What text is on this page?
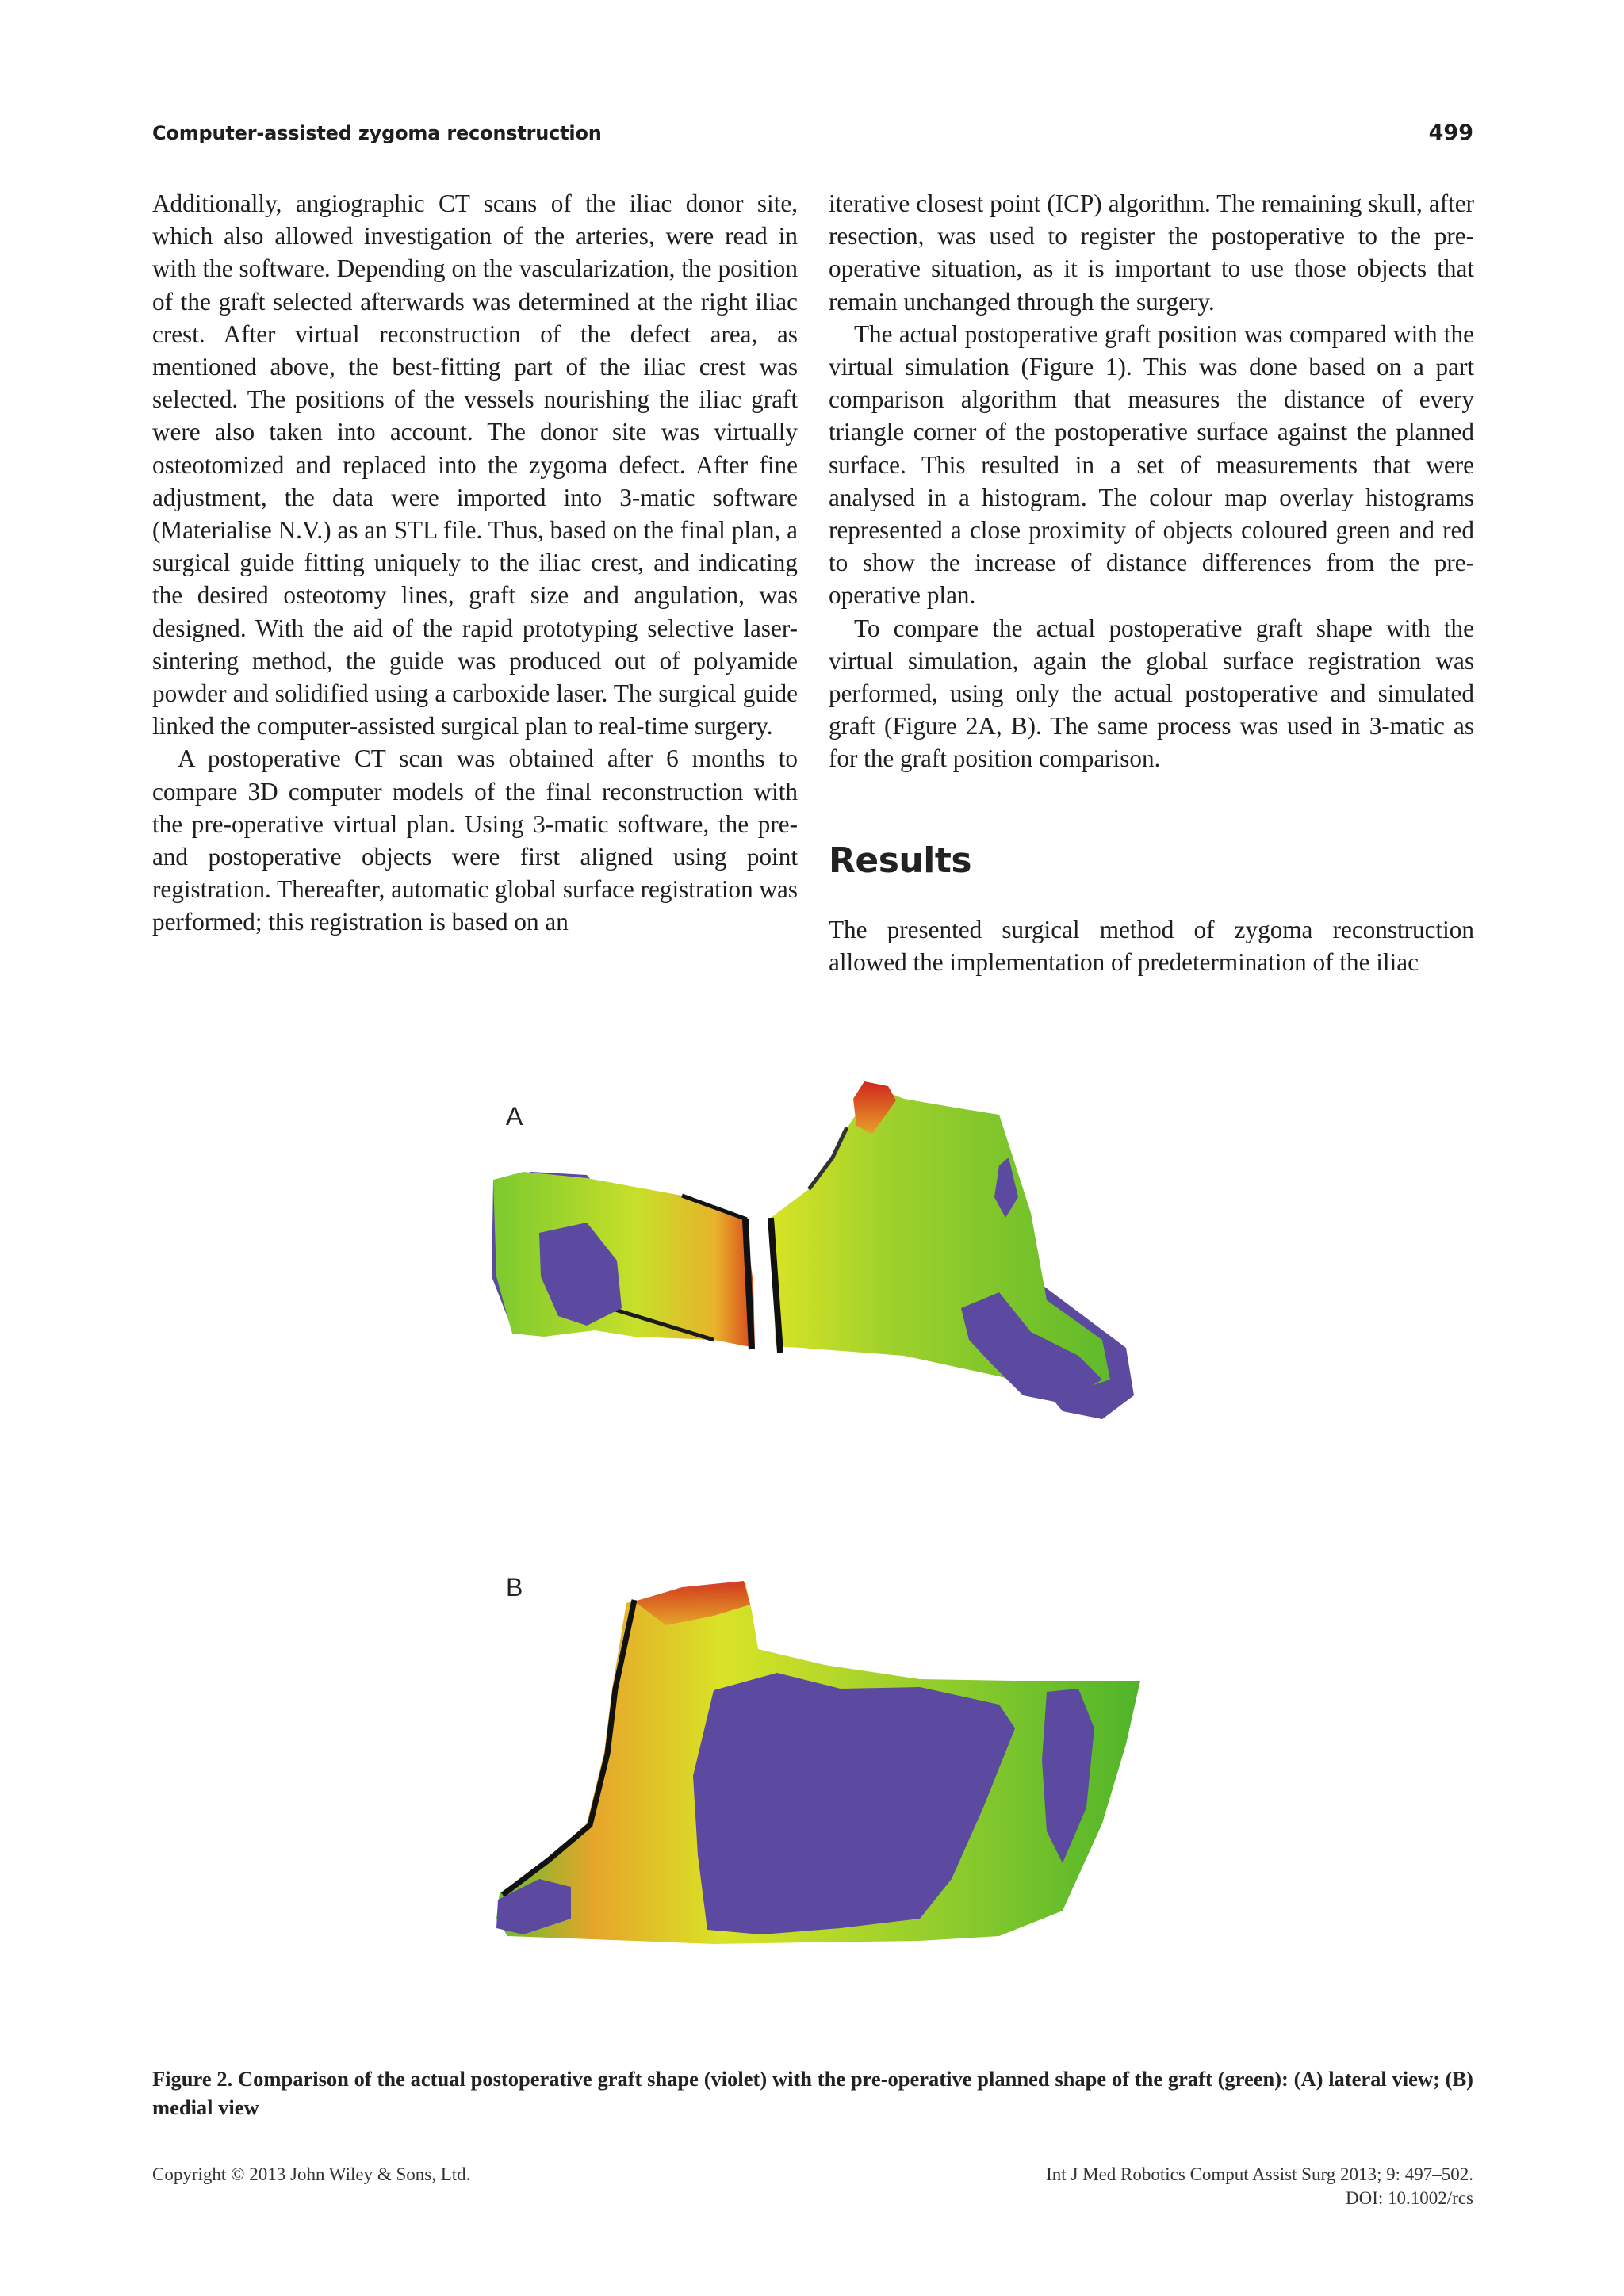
Computer-assisted zygoma reconstruction	499

Additionally, angiographic CT scans of the iliac donor site, which also allowed investigation of the arteries, were read in with the software. Depending on the vascularization, the position of the graft selected afterwards was determined at the right iliac crest. After virtual reconstruction of the defect area, as mentioned above, the best-fitting part of the iliac crest was selected. The positions of the vessels nourishing the iliac graft were also taken into account. The donor site was virtually osteotomized and replaced into the zygoma defect. After fine adjustment, the data were imported into 3-matic software (Materialise N.V.) as an STL file. Thus, based on the final plan, a surgical guide fitting uniquely to the iliac crest, and indicating the desired osteotomy lines, graft size and angulation, was designed. With the aid of the rapid prototyping selective laser-sintering method, the guide was produced out of polyamide powder and solidified using a carboxide laser. The surgical guide linked the computer-assisted surgical plan to real-time surgery.

A postoperative CT scan was obtained after 6 months to compare 3D computer models of the final reconstruction with the pre-operative virtual plan. Using 3-matic software, the pre- and postoperative objects were first aligned using point registration. Thereafter, automatic global surface registration was performed; this registration is based on an

iterative closest point (ICP) algorithm. The remaining skull, after resection, was used to register the postoperative to the pre-operative situation, as it is important to use those objects that remain unchanged through the surgery.

The actual postoperative graft position was compared with the virtual simulation (Figure 1). This was done based on a part comparison algorithm that measures the distance of every triangle corner of the postoperative surface against the planned surface. This resulted in a set of measurements that were analysed in a histogram. The colour map overlay histograms represented a close proximity of objects coloured green and red to show the increase of distance differences from the pre-operative plan.

To compare the actual postoperative graft shape with the virtual simulation, again the global surface registration was performed, using only the actual postoperative and simulated graft (Figure 2A, B). The same process was used in 3-matic as for the graft position comparison.

Results

The presented surgical method of zygoma reconstruction allowed the implementation of predetermination of the iliac

A
B
Figure 2. Comparison of the actual postoperative graft shape (violet) with the pre-operative planned shape of the graft (green): (A) lateral view; (B) medial view
Copyright © 2013 John Wiley & Sons, Ltd.	Int J Med Robotics Comput Assist Surg 2013; 9: 497–502.
DOI: 10.1002/rcs
